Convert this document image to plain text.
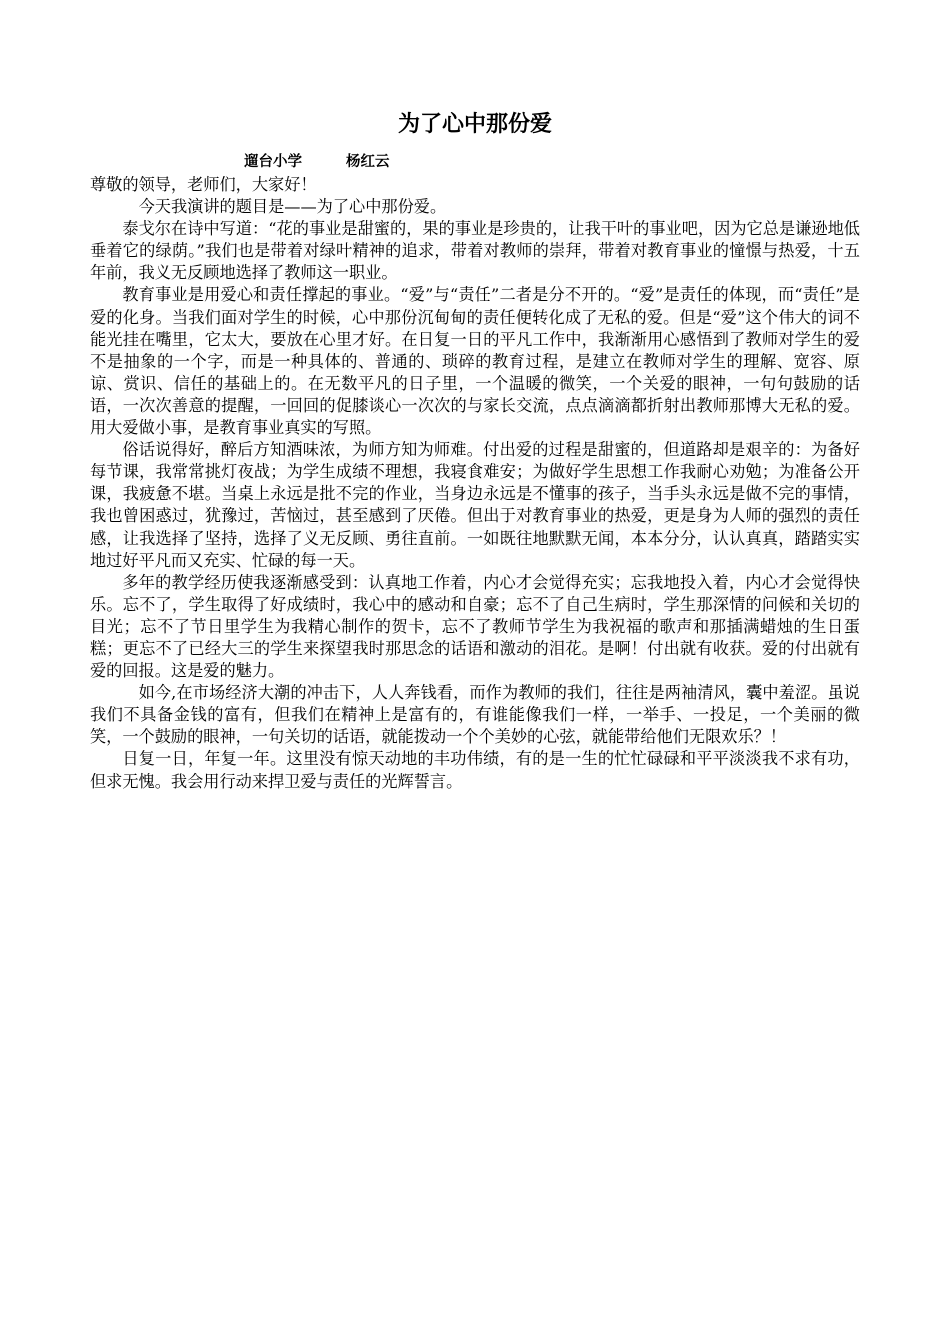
为了心中那份爱
遛台小学	杨红云

尊敬的领导，老师们，大家好！

今天我演讲的题目是——为了心中那份爱。

泰戈尔在诗中写道：“花的事业是甜蜜的，果的事业是珍贵的，让我干叶的事业吧，因为它总是谦逊地低垂着它的绿荫。”我们也是带着对绿叶精神的追求，带着对教师的崇拜，带着对教育事业的憧憬与热爱，十五年前，我义无反顾地选择了教师这一职业。

教育事业是用爱心和责任撑起的事业。“爱”与“责任”二者是分不开的。“爱”是责任的体现，而“责任”是爱的化身。当我们面对学生的时候，心中那份沉甸甸的责任便转化成了无私的爱。但是“爱”这个伟大的词不能光挂在嘴里，它太大，要放在心里才好。在日复一日的平凡工作中，我渐渐用心感悟到了教师对学生的爱不是抽象的一个字，而是一种具体的、普通的、琐碎的教育过程，是建立在教师对学生的理解、宽容、原谅、赏识、信任的基础上的。在无数平凡的日子里，一个温暖的微笑，一个关爱的眼神，一句句鼓励的话语，一次次善意的提醒，一回回的促膝谈心一次次的与家长交流，点点滴滴都折射出教师那博大无私的爱。用大爱做小事，是教育事业真实的写照。

俗话说得好，醉后方知酒味浓，为师方知为师难。付出爱的过程是甜蜜的，但道路却是艰辛的：为备好每节课，我常常挑灯夜战；为学生成绩不理想，我寝食难安；为做好学生思想工作我耐心劝勉；为准备公开课，我疲惫不堪。当桌上永远是批不完的作业，当身边永远是不懂事的孩子，当手头永远是做不完的事情，我也曾困惑过，犹豫过，苦恼过，甚至感到了厌倦。但出于对教育事业的热爱，更是身为人师的强烈的责任感，让我选择了坚持，选择了义无反顾、勇往直前。一如既往地默默无闻，本本分分，认认真真，踏踏实实地过好平凡而又充实、忙碌的每一天。

多年的教学经历使我逐渐感受到：认真地工作着，内心才会觉得充实；忘我地投入着，内心才会觉得快乐。忘不了，学生取得了好成绩时，我心中的感动和自豪；忘不了自己生病时，学生那深情的问候和关切的目光；忘不了节日里学生为我精心制作的贺卡，忘不了教师节学生为我祝福的歌声和那插满蜡烛的生日蛋糕；更忘不了已经大三的学生来探望我时那思念的话语和激动的泪花。是啊！付出就有收获。爱的付出就有爱的回报。这是爱的魅力。

如今,在市场经济大潮的冲击下，人人奔钱看，而作为教师的我们，往往是两袖清风，囊中羞涩。虽说我们不具备金钱的富有，但我们在精神上是富有的，有谁能像我们一样，一举手、一投足，一个美丽的微笑，一个鼓励的眼神，一句关切的话语，就能拨动一个个美妙的心弦，就能带给他们无限欢乐？！

日复一日，年复一年。这里没有惊天动地的丰功伟绩，有的是一生的忙忙碌碌和平平淡淡我不求有功，但求无愧。我会用行动来捍卫爱与责任的光辉誓言。
